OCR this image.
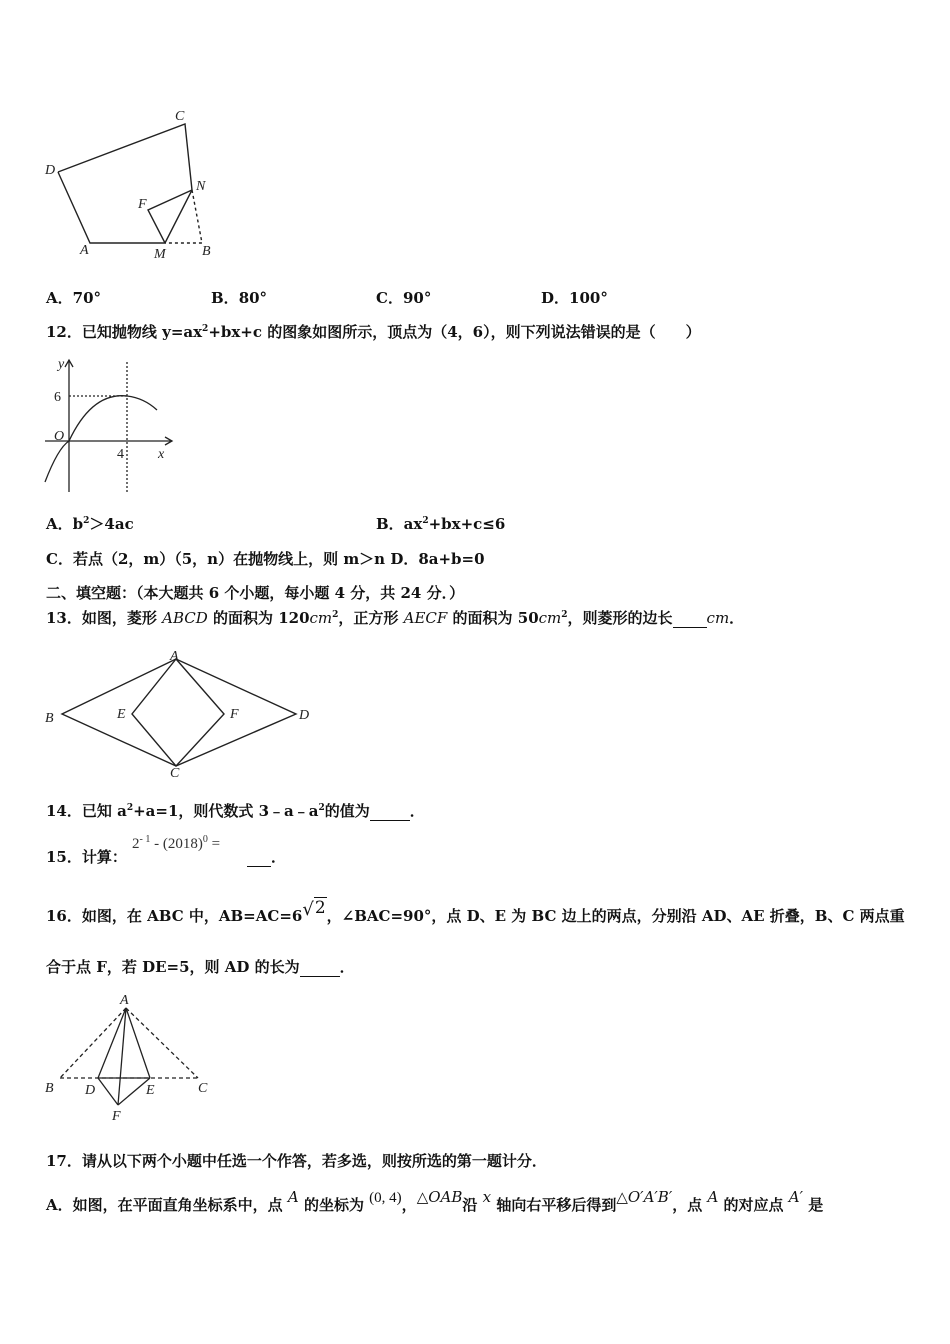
C
D
N
F
A	M	B
A．70°	B．80°	C．90°	D．100°
12．已知抛物线 $y=ax^2+bx+c$ 的图象如图所示，顶点为（4，6），则下列说法错误的是（　　）
y
6
O
4 x
A．$b^2>4ac$	B．$ax^2+bx+c\le 6$
C．若点（2，m）（5，n）在抛物线上，则 m＞n D．8a+b=0
二、填空题：（本大题共 6 个小题，每小题 4 分，共 24 分．）
13．如图，菱形 ABCD 的面积为 $120cm^2$，正方形 AECF 的面积为 $50cm^2$，则菱形的边长 cm．
A
B	E	F	D
C
14．已知 $a^2+a=1$，则代数式 $3﹣a﹣a^2$的值为	．
15．计算：
$2^{- 1} - (2018)^0$ =
．
16．如图，在 ABC 中，AB=AC=6√2，∠BAC=90°，点 D、E 为 BC 边上的两点，分别沿 AD、AE 折叠，B、C 两点重
合于点 F，若 DE=5，则 AD 的长为	．
A
B D	E	C
F
17．请从以下两个小题中任选一个作答，若多选，则按所选的第一题计分．
A．如图，在平面直角坐标系中，点 A 的坐标为 (0, 4)，△OAB沿 x 轴向右平移后得到△O′A′B′，点 A 的对应点 A′ 是
